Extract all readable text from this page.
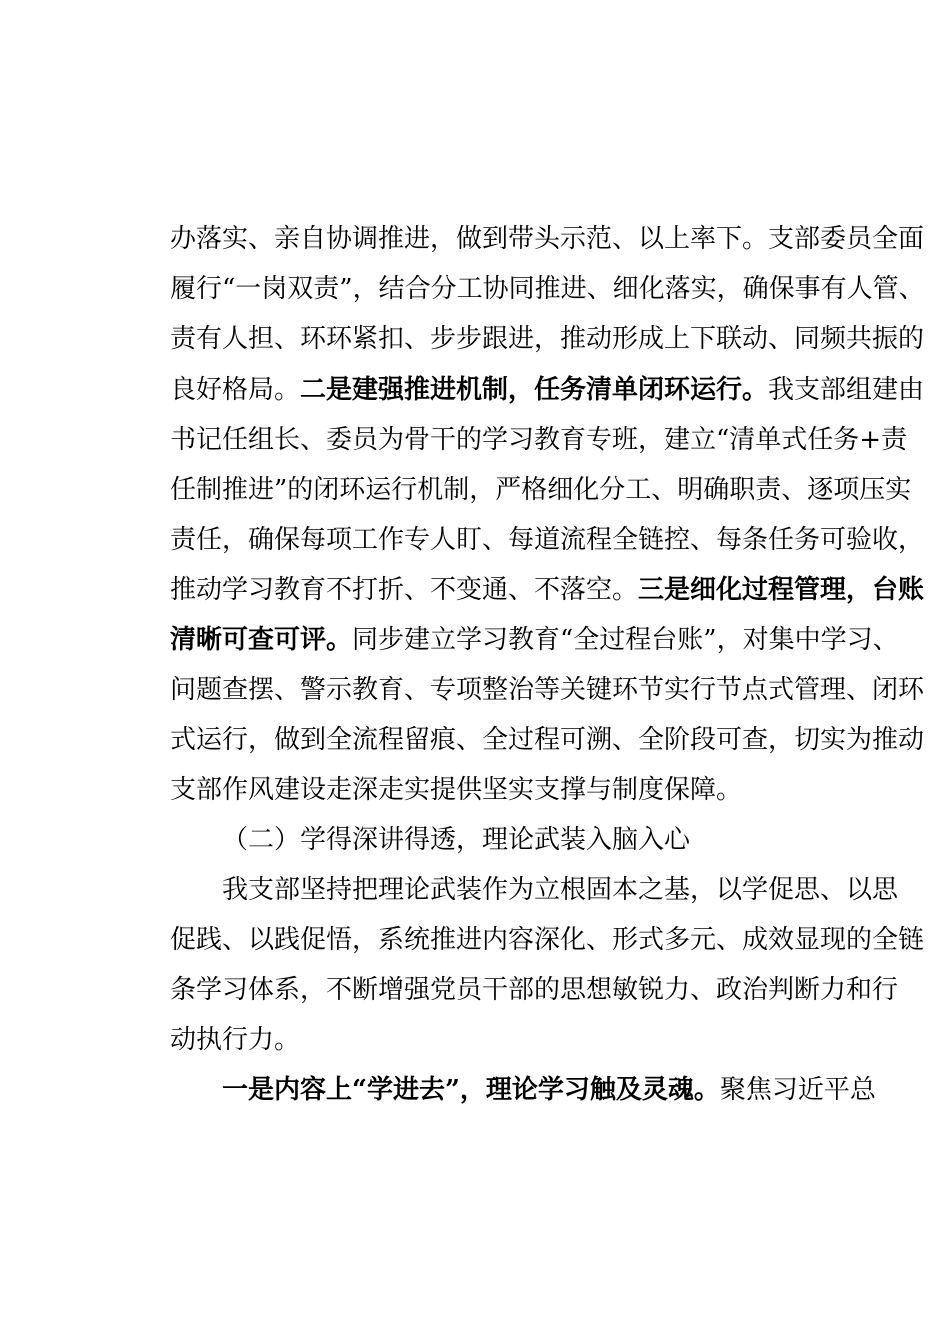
办落实、亲自协调推进，做到带头示范、以上率下。支部委员全面
履行“一岗双责”，结合分工协同推进、细化落实，确保事有人管、
责有人担、环环紧扣、步步跟进，推动形成上下联动、同频共振的
良好格局。二是建强推进机制，任务清单闭环运行。我支部组建由
书记任组长、委员为骨干的学习教育专班，建立“清单式任务+责
任制推进”的闭环运行机制，严格细化分工、明确职责、逐项压实
责任，确保每项工作专人盯、每道流程全链控、每条任务可验收，
推动学习教育不打折、不变通、不落空。三是细化过程管理，台账
清晰可查可评。同步建立学习教育“全过程台账”，对集中学习、
问题查摆、警示教育、专项整治等关键环节实行节点式管理、闭环
式运行，做到全流程留痕、全过程可溯、全阶段可查，切实为推动
支部作风建设走深走实提供坚实支撑与制度保障。
（二）学得深讲得透，理论武装入脑入心
我支部坚持把理论武装作为立根固本之基，以学促思、以思
促践、以践促悟，系统推进内容深化、形式多元、成效显现的全链
条学习体系，不断增强党员干部的思想敏锐力、政治判断力和行
动执行力。
一是内容上“学进去”，理论学习触及灵魂。聚焦习近平总
